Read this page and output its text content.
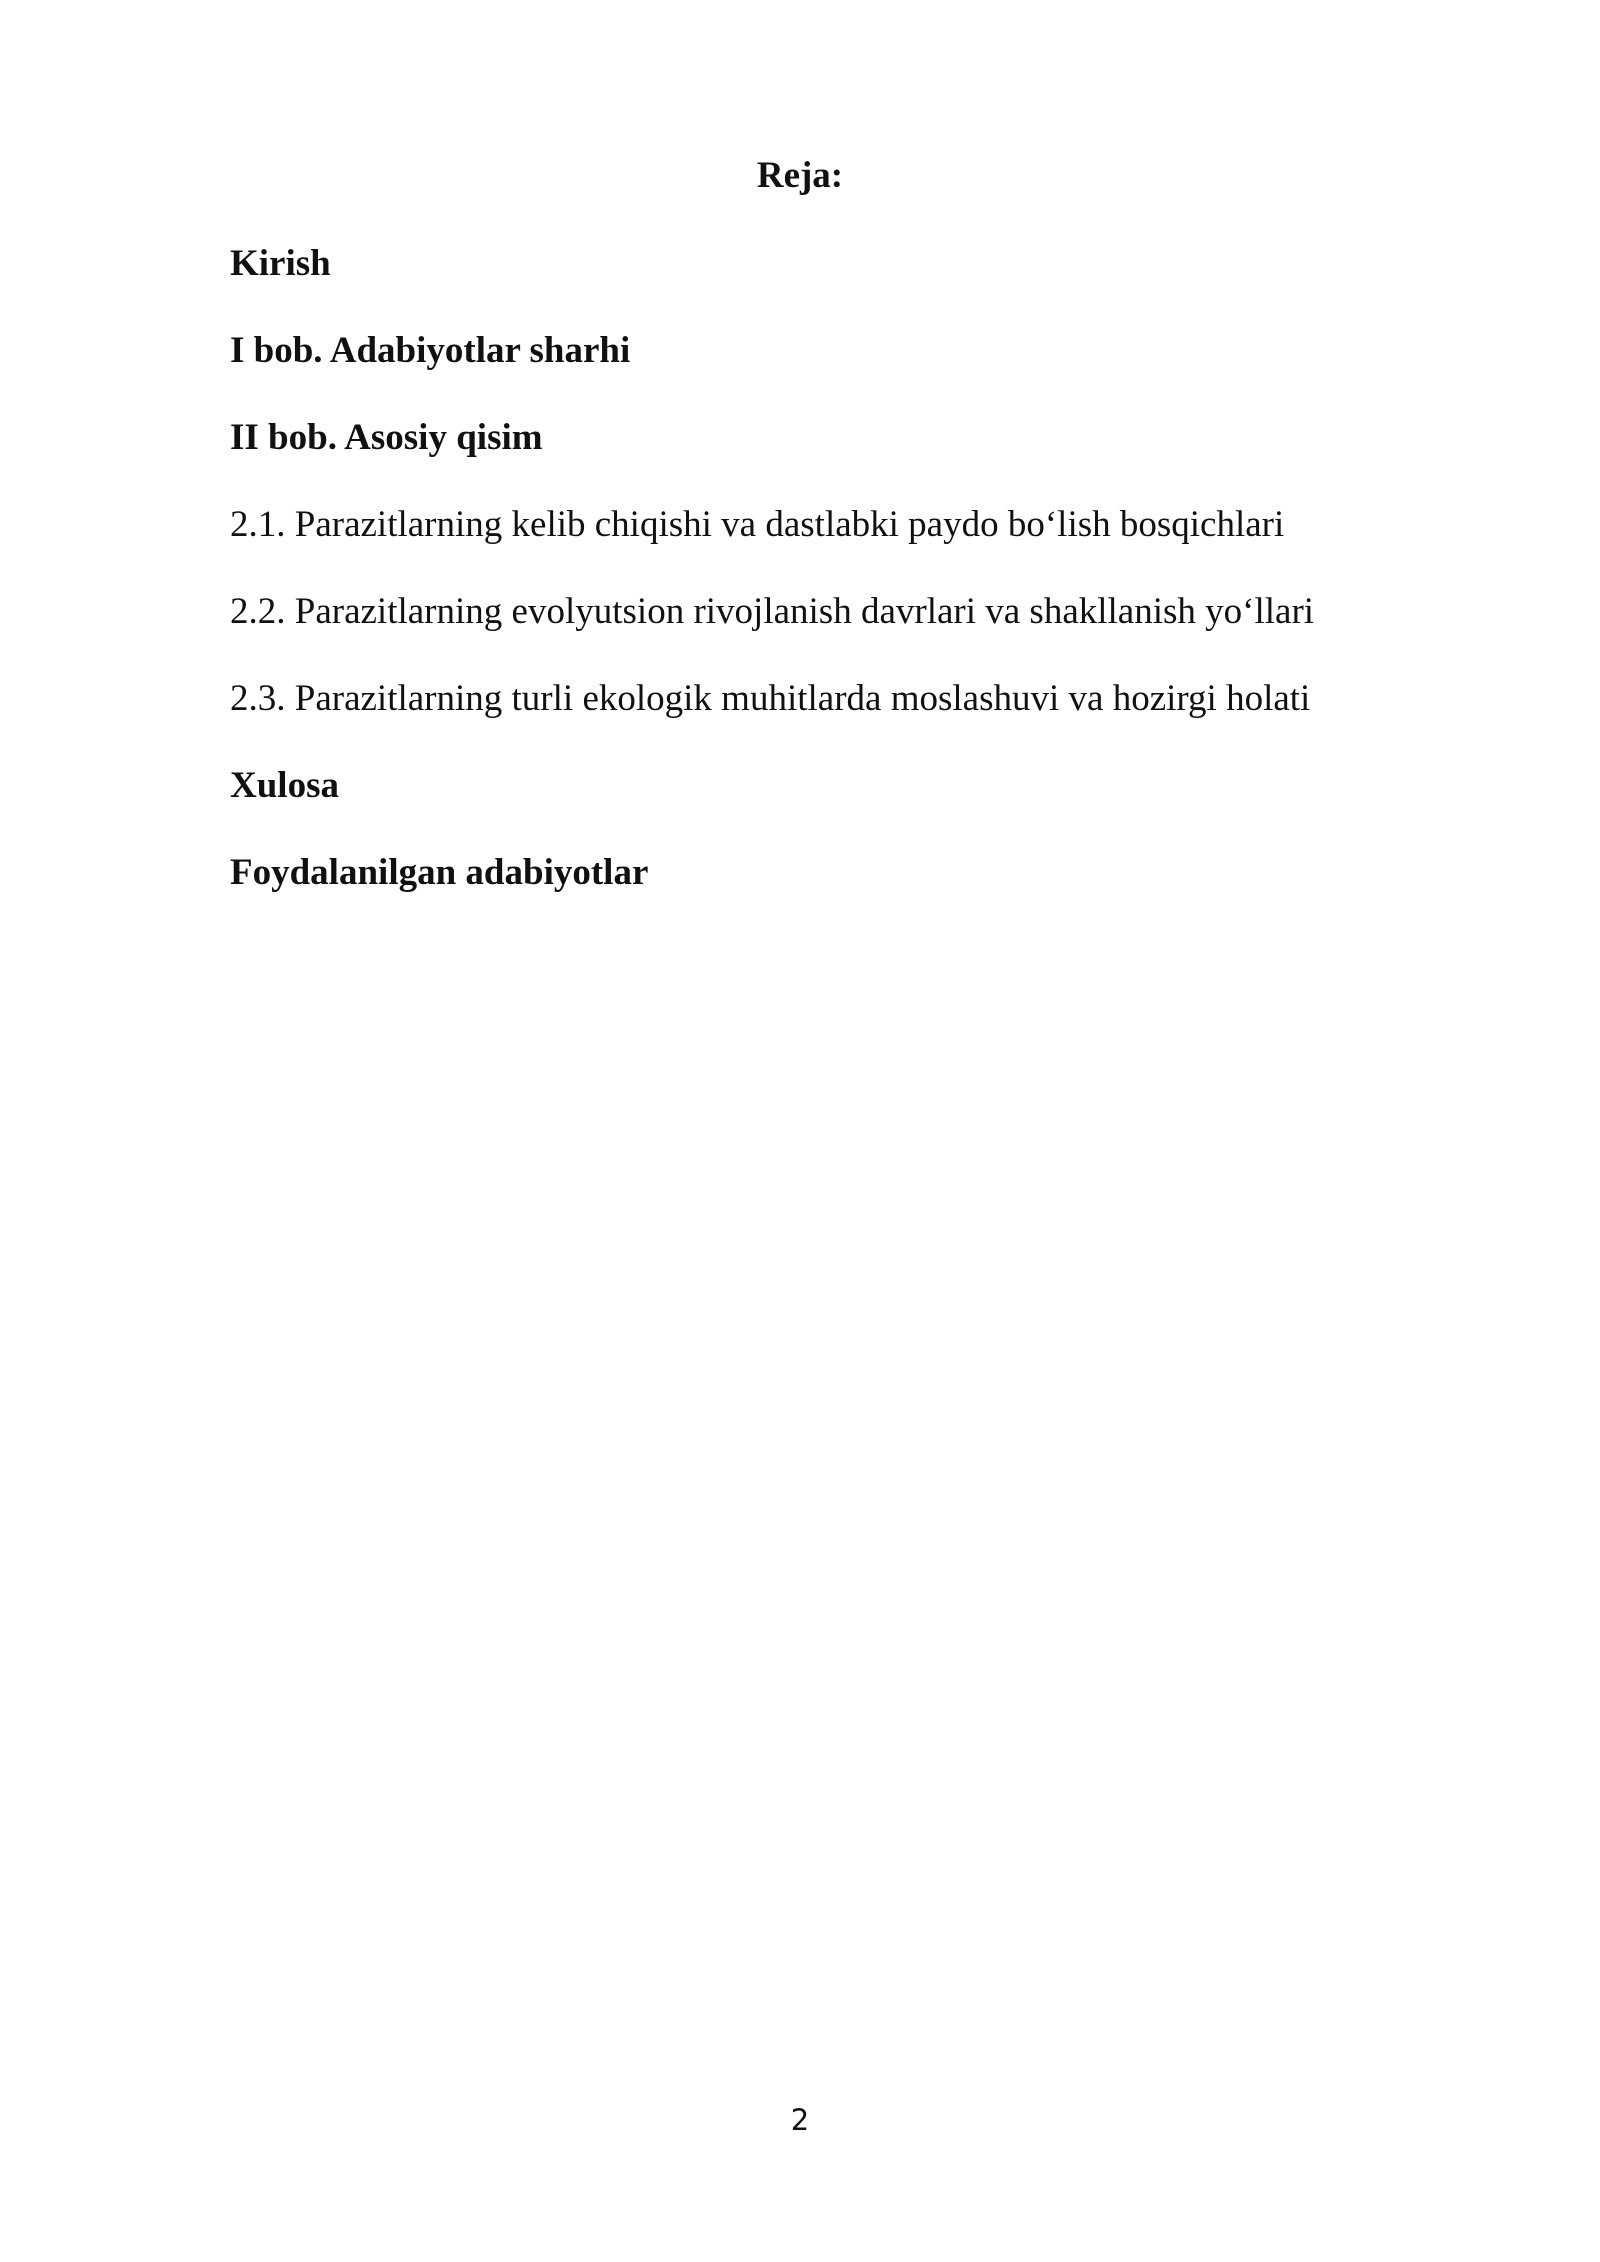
Reja:
Kirish
I bob. Adabiyotlar sharhi
II bob. Asosiy qisim
2.1. Parazitlarning kelib chiqishi va dastlabki paydo bo‘lish bosqichlari
2.2. Parazitlarning evolyutsion rivojlanish davrlari va shakllanish yo‘llari
2.3. Parazitlarning turli ekologik muhitlarda moslashuvi va hozirgi holati
Xulosa
Foydalanilgan adabiyotlar
2
